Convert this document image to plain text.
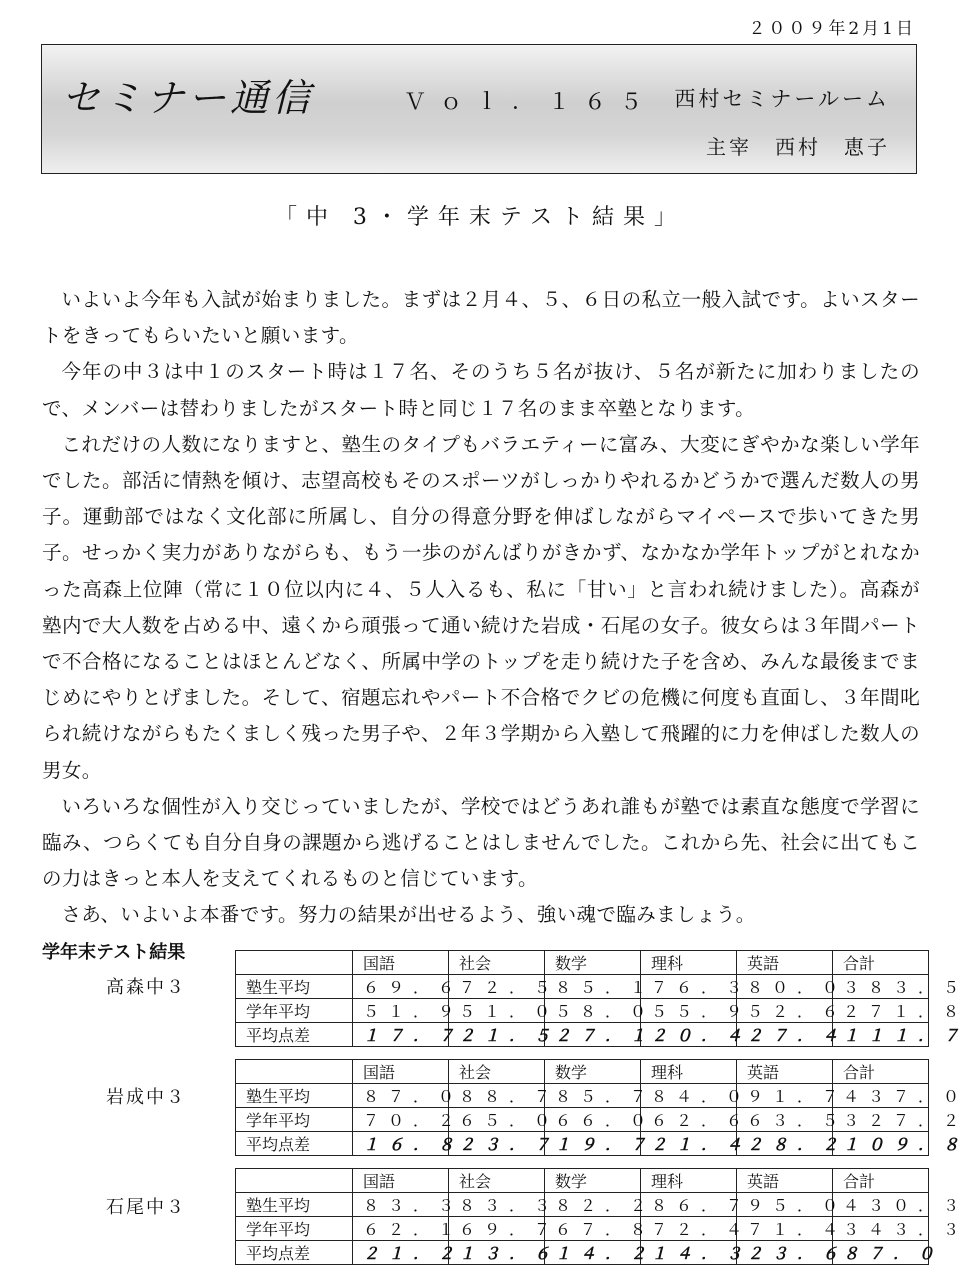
２００９年2月1日
セミナー通信	Ｖｏｌ．１６５ 西村セミナールーム
主宰　西村　恵子
「中 3・学年末テスト結果」

いよいよ今年も入試が始まりました。まずは２月４、５、６日の私立一般入試です。よいスタートをきってもらいたいと願います。

今年の中３は中１のスタート時は１７名、そのうち５名が抜け、５名が新たに加わりましたので、メンバーは替わりましたがスタート時と同じ１７名のまま卒塾となります。

これだけの人数になりますと、塾生のタイプもバラエティーに富み、大変にぎやかな楽しい学年でした。部活に情熱を傾け、志望高校もそのスポーツがしっかりやれるかどうかで選んだ数人の男子。運動部ではなく文化部に所属し、自分の得意分野を伸ばしながらマイペースで歩いてきた男子。せっかく実力がありながらも、もう一歩のがんばりがきかず、なかなか学年トップがとれなかった高森上位陣（常に１０位以内に４、５人入るも、私に「甘い」と言われ続けました）。高森が塾内で大人数を占める中、遠くから頑張って通い続けた岩成・石尾の女子。彼女らは３年間パートで不合格になることはほとんどなく、所属中学のトップを走り続けた子を含め、みんな最後までまじめにやりとげました。そして、宿題忘れやパート不合格でクビの危機に何度も直面し、３年間叱られ続けながらもたくましく残った男子や、２年３学期から入塾して飛躍的に力を伸ばした数人の男女。

いろいろな個性が入り交じっていましたが、学校ではどうあれ誰もが塾では素直な態度で学習に臨み、つらくても自分自身の課題から逃げることはしませんでした。これから先、社会に出てもこの力はきっと本人を支えてくれるものと信じています。

さあ、いよいよ本番です。努力の結果が出せるよう、強い魂で臨みましょう。

学年末テスト結果
高森中３
	国語	社会	数学	理科	英語	合計
塾生平均	６９．６	７２．５	８５．１	７６．３	８０．０	３８３．５
学年平均	５１．９	５１．０	５８．０	５５．９	５２．６	２７１．８
平均点差	１７．７	２１．５	２７．１	２０．４	２７．４	１１１．７
岩成中３
	国語	社会	数学	理科	英語	合計
塾生平均	８７．０	８８．７	８５．７	８４．０	９１．７	４３７．０
学年平均	７０．２	６５．０	６６．０	６２．６	６３．５	３２７．２
平均点差	１６．８	２３．７	１９．７	２１．４	２８．２	１０９．８
石尾中３
	国語	社会	数学	理科	英語	合計
塾生平均	８３．３	８３．３	８２．２	８６．７	９５．０	４３０．３
学年平均	６２．１	６９．７	６７．８	７２．４	７１．４	３４３．３
平均点差	２１．２	１３．６	１４．２	１４．３	２３．６	８７．０
